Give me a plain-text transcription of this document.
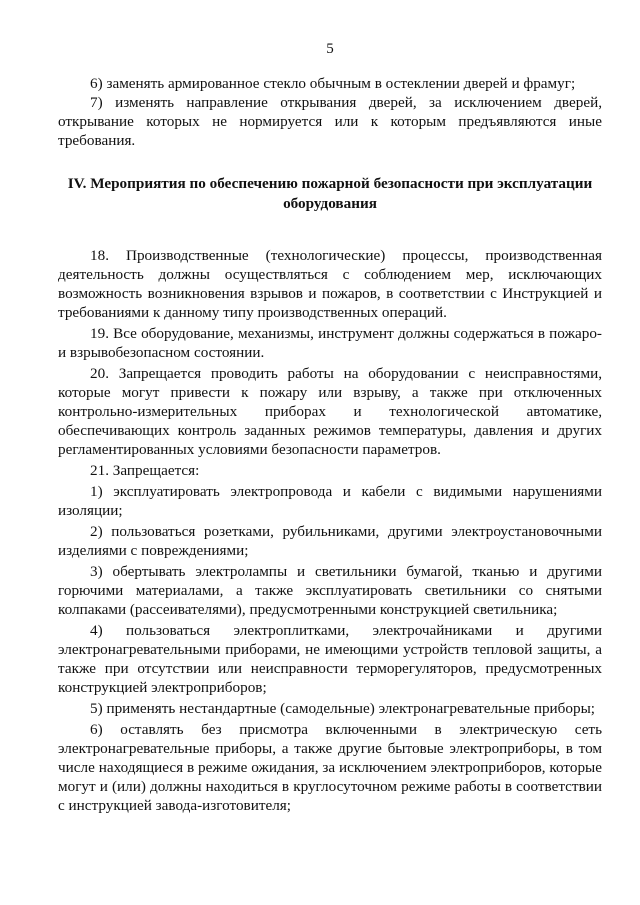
5

6) заменять армированное стекло обычным в остеклении дверей и фрамуг;

7) изменять направление открывания дверей, за исключением дверей, открывание которых не нормируется или к которым предъявляются иные требования.

IV. Мероприятия по обеспечению пожарной безопасности при эксплуатации оборудования

18. Производственные (технологические) процессы, производственная деятельность должны осуществляться с соблюдением мер, исключающих возможность возникновения взрывов и пожаров, в соответствии с Инструкцией и требованиями к данному типу производственных операций.

19. Все оборудование, механизмы, инструмент должны содержаться в пожаро- и взрывобезопасном состоянии.

20. Запрещается проводить работы на оборудовании с неисправностями, которые могут привести к пожару или взрыву, а также при отключенных контрольно-измерительных приборах и технологической автоматике, обеспечивающих контроль заданных режимов температуры, давления и других регламентированных условиями безопасности параметров.

21. Запрещается:

1) эксплуатировать электропровода и кабели с видимыми нарушениями изоляции;

2) пользоваться розетками, рубильниками, другими электроустановочными изделиями с повреждениями;

3) обертывать электролампы и светильники бумагой, тканью и другими горючими материалами, а также эксплуатировать светильники со снятыми колпаками (рассеивателями), предусмотренными конструкцией светильника;

4) пользоваться электроплитками, электрочайниками и другими электронагревательными приборами, не имеющими устройств тепловой защиты, а также при отсутствии или неисправности терморегуляторов, предусмотренных конструкцией электроприборов;

5) применять нестандартные (самодельные) электронагревательные приборы;

6) оставлять без присмотра включенными в электрическую сеть электронагревательные приборы, а также другие бытовые электроприборы, в том числе находящиеся в режиме ожидания, за исключением электроприборов, которые могут и (или) должны находиться в круглосуточном режиме работы в соответствии с инструкцией завода-изготовителя;
